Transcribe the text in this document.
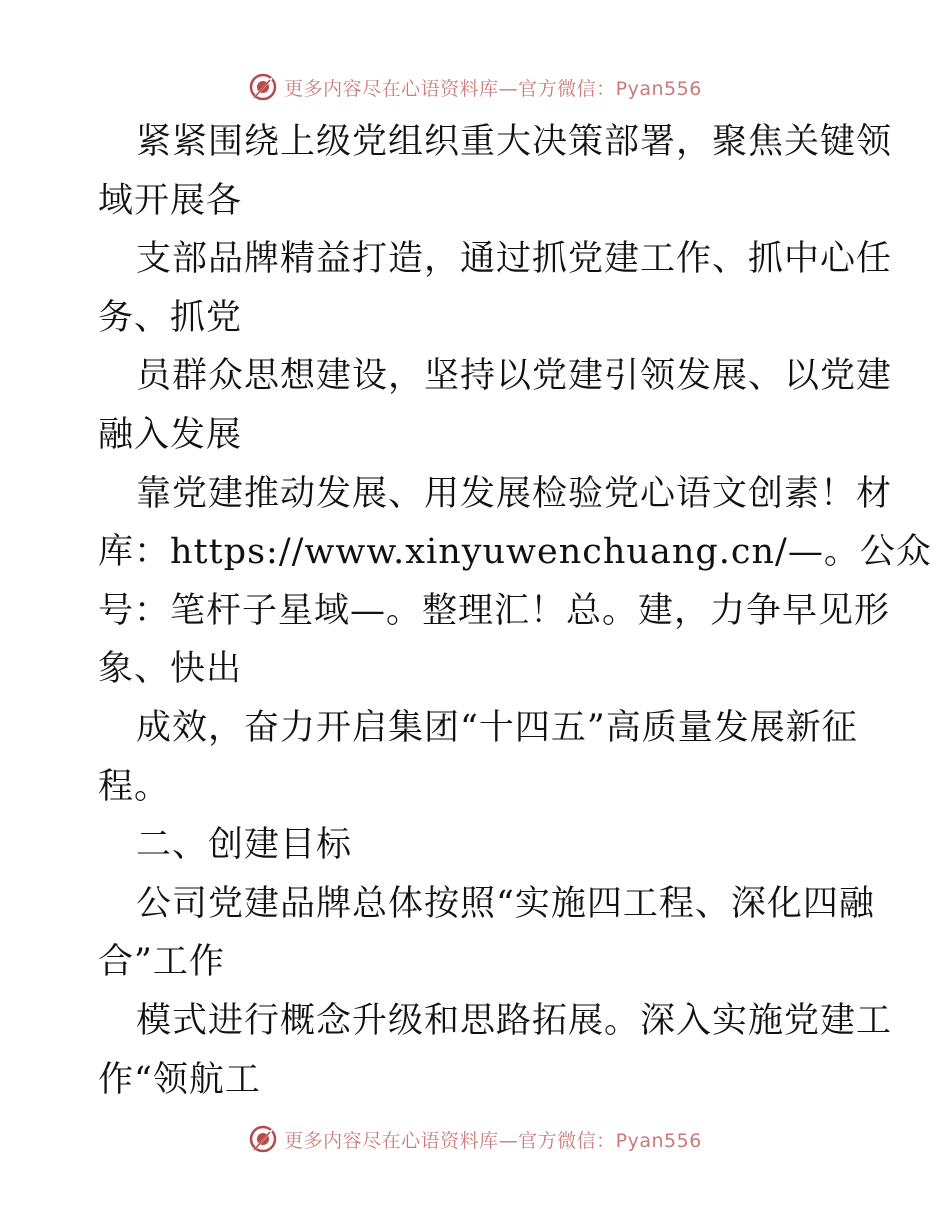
更多内容尽在心语资料库—官方微信：Pyan556
紧紧围绕上级党组织重大决策部署，聚焦关键领
域开展各
支部品牌精益打造，通过抓党建工作、抓中心任
务、抓党
员群众思想建设，坚持以党建引领发展、以党建
融入发展
靠党建推动发展、用发展检验党心语文创素！材
库：https://www.xinyuwenchuang.cn/—。公众
号：笔杆子星域—。整理汇！总。建，力争早见形
象、快出
成效，奋力开启集团“十四五”高质量发展新征
程。
二、创建目标
公司党建品牌总体按照“实施四工程、深化四融
合”工作
模式进行概念升级和思路拓展。深入实施党建工
作“领航工
更多内容尽在心语资料库—官方微信：Pyan556
